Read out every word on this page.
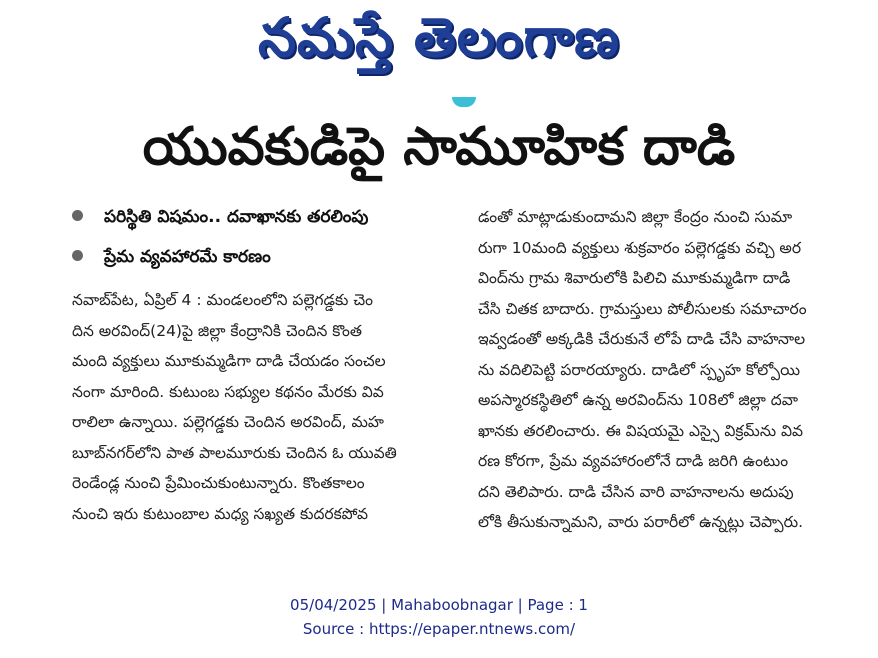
నమస్తే తెలంగాణ
యువకుడిపై సామూహిక దాడి
పరిస్థితి విషమం.. దవాఖానకు తరలింపు
ప్రేమ వ్యవహారమే కారణం
నవాబ్‌పేట, ఏప్రిల్ 4 : మండలంలోని పల్లెగడ్డకు చెం
దిన అరవింద్(24)పై జిల్లా కేంద్రానికి చెందిన కొంత
మంది వ్యక్తులు మూకుమ్మడిగా దాడి చేయడం సంచల
నంగా మారింది. కుటుంబ సభ్యుల కథనం మేరకు వివ
రాలిలా ఉన్నాయి. పల్లెగడ్డకు చెందిన అరవింద్, మహ
బూబ్‌నగర్‌లోని పాత పాలమూరుకు చెందిన ఓ యువతి
రెండేండ్ల నుంచి ప్రేమించుకుంటున్నారు. కొంతకాలం
నుంచి ఇరు కుటుంబాల మధ్య సఖ్యత కుదరకపోవ
డంతో మాట్లాడుకుందామని జిల్లా కేంద్రం నుంచి సుమా
రుగా 10మంది వ్యక్తులు శుక్రవారం పల్లెగడ్డకు వచ్చి అర
వింద్‌ను గ్రామ శివారులోకి పిలిచి మూకుమ్మడిగా దాడి
చేసి చితక బాదారు. గ్రామస్తులు పోలీసులకు సమాచారం
ఇవ్వడంతో అక్కడికి చేరుకునే లోపే దాడి చేసి వాహనాల
ను వదిలిపెట్టి పరారయ్యారు. దాడిలో స్పృహ కోల్పోయి
అపస్మారకస్థితిలో ఉన్న అరవింద్‌ను 108లో జిల్లా దవా
ఖానకు తరలించారు. ఈ విషయమై ఎస్సై విక్రమ్‌ను వివ
రణ కోరగా, ప్రేమ వ్యవహారంలోనే దాడి జరిగి ఉంటుం
దని తెలిపారు. దాడి చేసిన వారి వాహనాలను అదుపు
లోకి తీసుకున్నామని, వారు పరారీలో ఉన్నట్లు చెప్పారు.
05/04/2025 | Mahaboobnagar | Page : 1
Source : https://epaper.ntnews.com/
